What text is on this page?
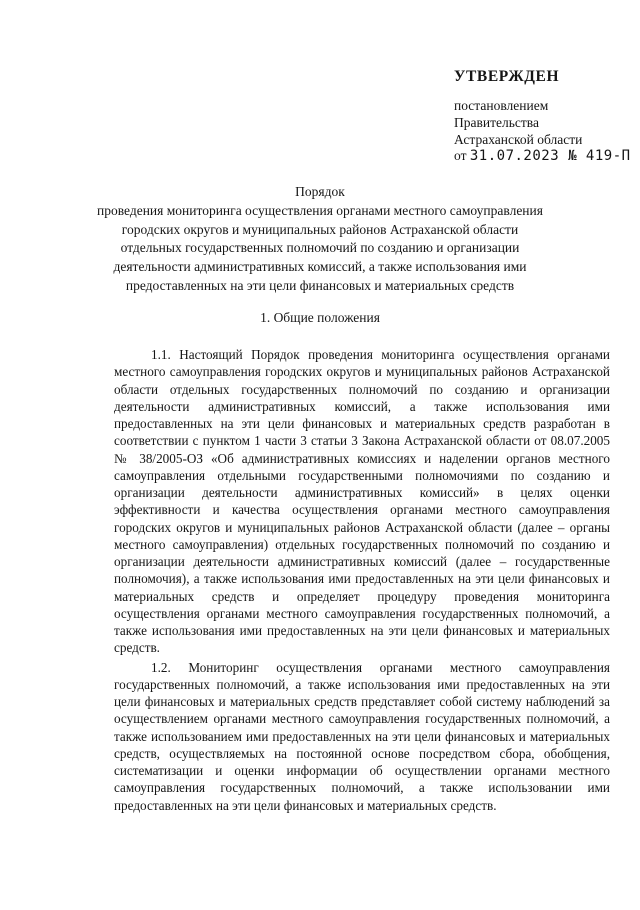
УТВЕРЖДЕН
постановлением
Правительства
Астраханской области
от 31.07.2023 № 419-П
Порядок
проведения мониторинга осуществления органами местного самоуправления
городских округов и муниципальных районов Астраханской области
отдельных государственных полномочий по созданию и организации
деятельности административных комиссий, а также использования ими
предоставленных на эти цели финансовых и материальных средств
1. Общие положения

1.1. Настоящий Порядок проведения мониторинга осуществления органами местного самоуправления городских округов и муниципальных районов Астраханской области отдельных государственных полномочий по созданию и организации деятельности административных комиссий, а также использования ими предоставленных на эти цели финансовых и материальных средств разработан в соответствии с пунктом 1 части 3 статьи 3 Закона Астраханской области от 08.07.2005 № 38/2005-ОЗ «Об административных комиссиях и наделении органов местного самоуправления отдельными государственными полномочиями по созданию и организации деятельности административных комиссий» в целях оценки эффективности и качества осуществления органами местного самоуправления городских округов и муниципальных районов Астраханской области (далее – органы местного самоуправления) отдельных государственных полномочий по созданию и организации деятельности административных комиссий (далее – государственные полномочия), а также использования ими предоставленных на эти цели финансовых и материальных средств и определяет процедуру проведения мониторинга осуществления органами местного самоуправления государственных полномочий, а также использования ими предоставленных на эти цели финансовых и материальных средств.

1.2. Мониторинг осуществления органами местного самоуправления государственных полномочий, а также использования ими предоставленных на эти цели финансовых и материальных средств представляет собой систему наблюдений за осуществлением органами местного самоуправления государственных полномочий, а также использованием ими предоставленных на эти цели финансовых и материальных средств, осуществляемых на постоянной основе посредством сбора, обобщения, систематизации и оценки информации об осуществлении органами местного самоуправления государственных полномочий, а также использовании ими предоставленных на эти цели финансовых и материальных средств.
